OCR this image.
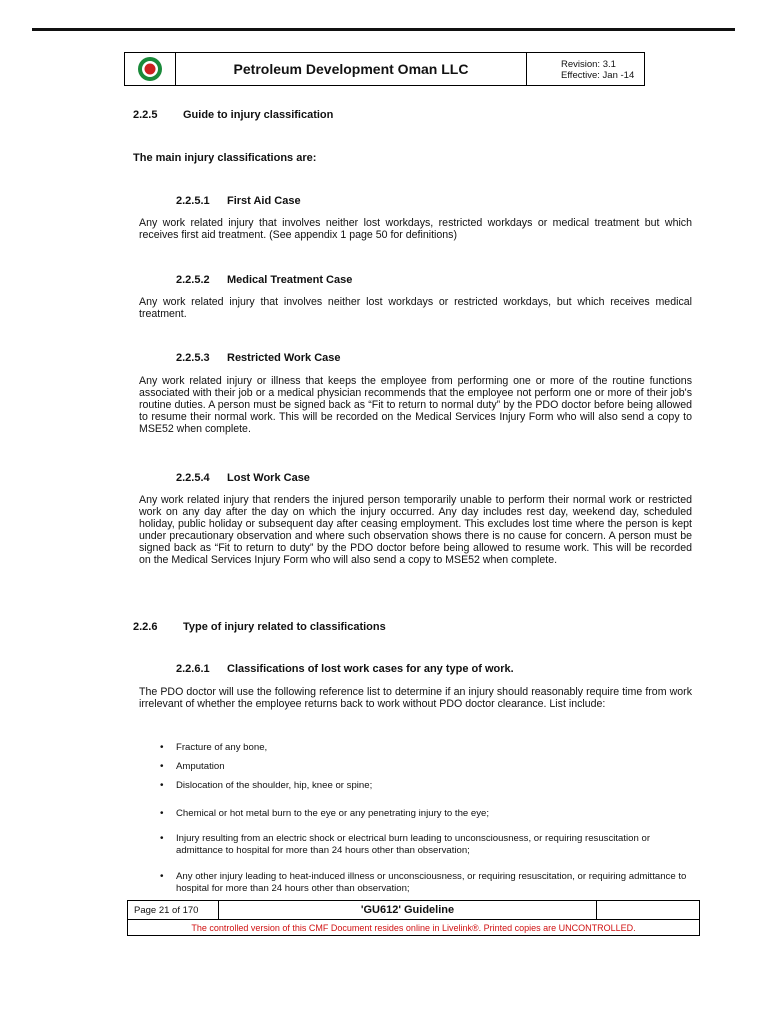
Petroleum Development Oman LLC	Revision: 3.1
Effective: Jan -14
2.2.5 Guide to injury classification
The main injury classifications are:
2.2.5.1 First Aid Case
Any work related injury that involves neither lost workdays, restricted workdays or medical treatment but which receives first aid treatment. (See appendix 1 page 50 for definitions)
2.2.5.2 Medical Treatment Case
Any work related injury that involves neither lost workdays or restricted workdays, but which receives medical treatment.
2.2.5.3 Restricted Work Case
Any work related injury or illness that keeps the employee from performing one or more of the routine functions associated with their job or a medical physician recommends that the employee not perform one or more of their job's routine duties. A person must be signed back as “Fit to return to normal duty” by the PDO doctor before being allowed to resume their normal work. This will be recorded on the Medical Services Injury Form who will also send a copy to MSE52 when complete.
2.2.5.4 Lost Work Case
Any work related injury that renders the injured person temporarily unable to perform their normal work or restricted work on any day after the day on which the injury occurred. Any day includes rest day, weekend day, scheduled holiday, public holiday or subsequent day after ceasing employment. This excludes lost time where the person is kept under precautionary observation and where such observation shows there is no cause for concern. A person must be signed back as “Fit to return to duty” by the PDO doctor before being allowed to resume work. This will be recorded on the Medical Services Injury Form who will also send a copy to MSE52 when complete.
2.2.6 Type of injury related to classifications
2.2.6.1 Classifications of lost work cases for any type of work.
The PDO doctor will use the following reference list to determine if an injury should reasonably require time from work irrelevant of whether the employee returns back to work without PDO doctor clearance. List include:
• Fracture of any bone,
• Amputation
• Dislocation of the shoulder, hip, knee or spine;
• Chemical or hot metal burn to the eye or any penetrating injury to the eye;
• Injury resulting from an electric shock or electrical burn leading to unconsciousness, or requiring resuscitation or admittance to hospital for more than 24 hours other than observation;
• Any other injury leading to heat-induced illness or unconsciousness, or requiring resuscitation, or requiring admittance to hospital for more than 24 hours other than observation;
Page 21 of 170	'GU612' Guideline
The controlled version of this CMF Document resides online in Livelink®. Printed copies are UNCONTROLLED.
